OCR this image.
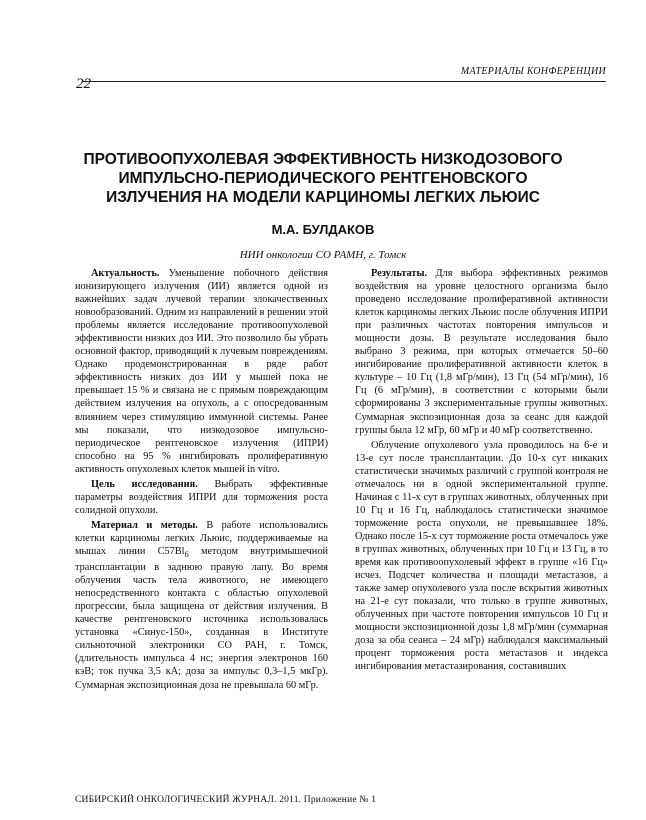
МАТЕРИАЛЫ КОНФЕРЕНЦИИ
22
ПРОТИВООПУХОЛЕВАЯ ЭФФЕКТИВНОСТЬ НИЗКОДОЗОВОГО
ИМПУЛЬСНО-ПЕРИОДИЧЕСКОГО РЕНТГЕНОВСКОГО
ИЗЛУЧЕНИЯ НА МОДЕЛИ КАРЦИНОМЫ ЛЕГКИХ ЛЬЮИС
М.А. БУЛДАКОВ
НИИ онкологии СО РАМН, г. Томск

Актуальность. Уменьшение побочного действия ионизирующего излучения (ИИ) является одной из важнейших задач лучевой терапии злокачественных новообразований. Одним из направлений в решении этой проблемы является исследование противоопухолевой эффективности низких доз ИИ. Это позволило бы убрать основной фактор, приводящий к лучевым повреждениям. Однако продемонстрированная в ряде работ эффективность низких доз ИИ у мышей пока не превышает 15 % и связана не с прямым повреждающим действием излучения на опухоль, а с опосредованным влиянием через стимуляцию иммунной системы. Ранее мы показали, что низкодозовое импульсно-периодическое рентгеновское излучения (ИПРИ) способно на 95 % ингибировать пролиферативную активность опухолевых клеток мышей in vitro.

Цель исследования. Выбрать эффективные параметры воздействия ИПРИ для торможения роста солидной опухоли.

Материал и методы. В работе использовались клетки карциномы легких Льюис, поддерживаемые на мышах линии $C57Bl_6$ методом внутримышечной трансплантации в заднюю правую лапу. Во время облучения часть тела животного, не имеющего непосредственного контакта с областью опухолевой прогрессии, была защищена от действия излучения. В качестве рентгеновского источника использовалась установка «Синус-150», созданная в Институте сильноточной электроники СО РАН, г. Томск, (длительность импульса 4 нс; энергия электронов 160 кэВ; ток пучка 3,5 кА; доза за импульс 0,3–1,5 мкГр). Суммарная экспозиционная доза не превышала 60 мГр.

Результаты. Для выбора эффективных режимов воздействия на уровне целостного организма было проведено исследование пролиферативной активности клеток карциномы легких Льюис после облучения ИПРИ при различных частотах повторения импульсов и мощности дозы. В результате исследования было выбрано 3 режима, при которых отмечается 50–60 ингибирование пролиферативной активности клеток в культуре – 10 Гц (1,8 мГр/мин), 13 Гц (54 мГр/мин), 16 Гц (6 мГр/мин), в соответствии с которыми были сформированы 3 экспериментальные группы животных. Суммарная экспозиционная доза за сеанс для каждой группы была 12 мГр, 60 мГр и 40 мГр соответственно.

Облучение опухолевого узла проводилось на 6-е и 13-е сут после трансплантации. До 10-х сут никаких статистически значимых различий с группой контроля не отмечалось ни в одной экспериментальной группе. Начиная с 11-х сут в группах животных, облученных при 10 Гц и 16 Гц, наблюдалось статистически значимое торможение роста опухоли, не превышавшее 18%. Однако после 15-х сут торможение роста отмечалось уже в группах животных, облученных при 10 Гц и 13 Гц, в то время как противоопухолевый эффект в группе «16 Гц» исчез. Подсчет количества и площади метастазов, а также замер опухолевого узла после вскрытия животных на 21-е сут показали, что только в группе животных, облученных при частоте повторения импульсов 10 Гц и мощности экспозиционной дозы 1,8 мГр/мин (суммарная доза за оба сеанса – 24 мГр) наблюдался максимальный процент торможения роста метастазов и индекса ингибирования метастазирования, составивших

СИБИРСКИЙ ОНКОЛОГИЧЕСКИЙ ЖУРНАЛ. 2011. Приложение № 1
